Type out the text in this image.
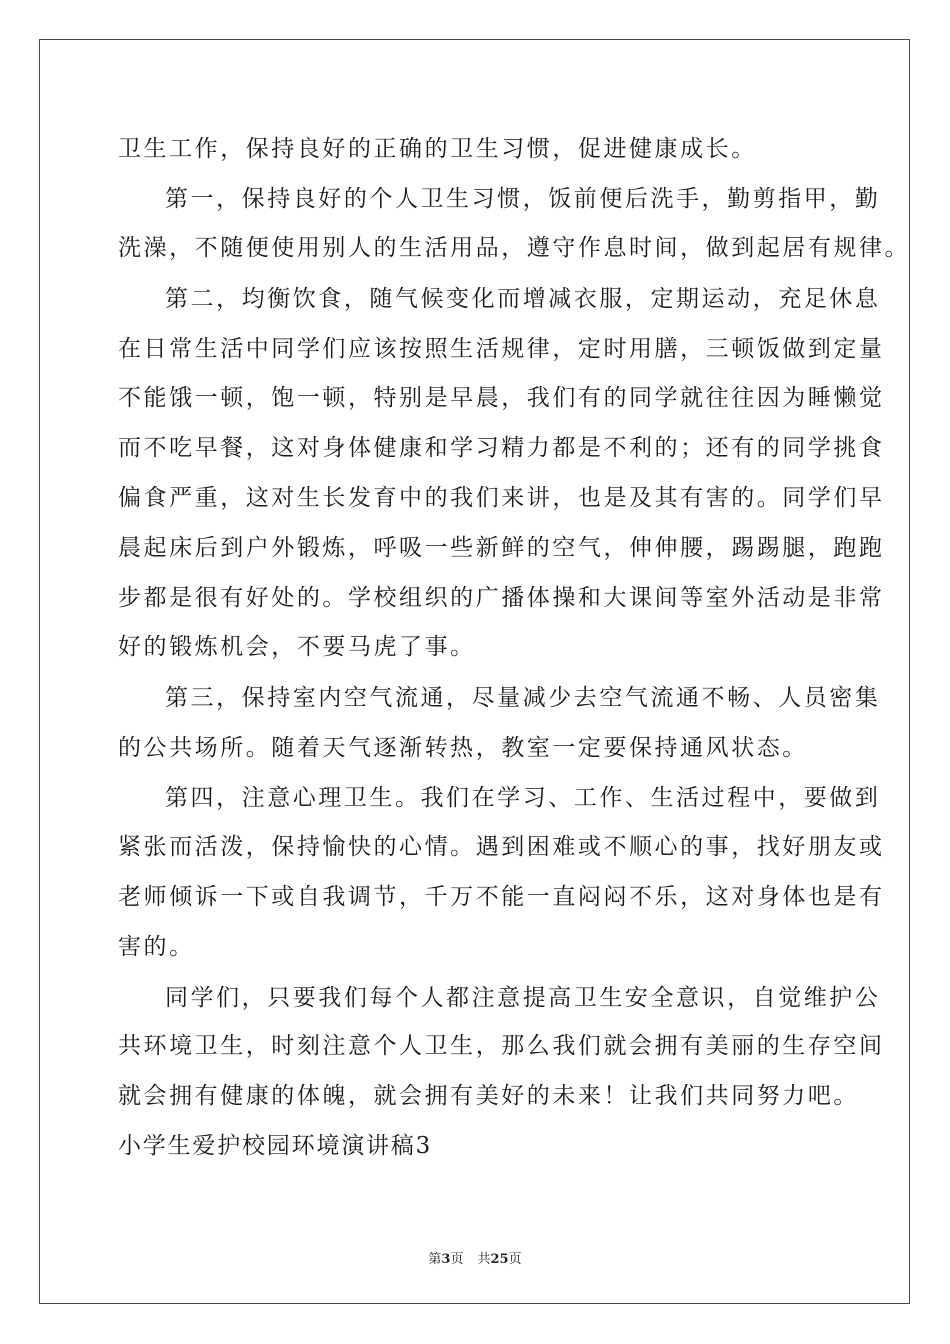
卫生工作，保持良好的正确的卫生习惯，促进健康成长。
第一，保持良好的个人卫生习惯，饭前便后洗手，勤剪指甲，勤
洗澡，不随便使用别人的生活用品，遵守作息时间，做到起居有规律。
第二，均衡饮食，随气候变化而增减衣服，定期运动，充足休息
在日常生活中同学们应该按照生活规律，定时用膳，三顿饭做到定量
不能饿一顿，饱一顿，特别是早晨，我们有的同学就往往因为睡懒觉
而不吃早餐，这对身体健康和学习精力都是不利的；还有的同学挑食
偏食严重，这对生长发育中的我们来讲，也是及其有害的。同学们早
晨起床后到户外锻炼，呼吸一些新鲜的空气，伸伸腰，踢踢腿，跑跑
步都是很有好处的。学校组织的广播体操和大课间等室外活动是非常
好的锻炼机会，不要马虎了事。
第三，保持室内空气流通，尽量减少去空气流通不畅、人员密集
的公共场所。随着天气逐渐转热，教室一定要保持通风状态。
第四，注意心理卫生。我们在学习、工作、生活过程中，要做到
紧张而活泼，保持愉快的心情。遇到困难或不顺心的事，找好朋友或
老师倾诉一下或自我调节，千万不能一直闷闷不乐，这对身体也是有
害的。
同学们，只要我们每个人都注意提高卫生安全意识，自觉维护公
共环境卫生，时刻注意个人卫生，那么我们就会拥有美丽的生存空间
就会拥有健康的体魄，就会拥有美好的未来！让我们共同努力吧。
小学生爱护校园环境演讲稿3
第3页 共25页
